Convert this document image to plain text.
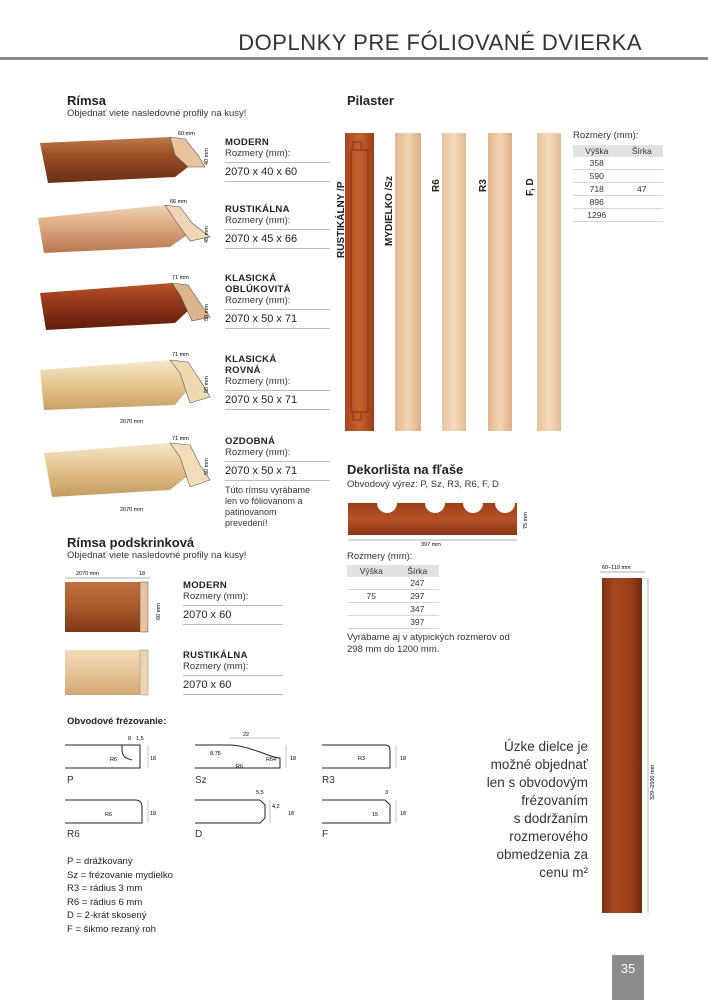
DOPLNKY PRE FÓLIOVANÉ DVIERKA
Rímsa
Objednať viete nasledovné profily na kusy!
60 mm
40 mm
66 mm
45 mm
71 mm
50 mm
71 mm
50 mm
2070 mm
71 mm
50 mm
2070 mm
MODERN
Rozmery (mm):
2070 x 40 x 60
RUSTIKÁLNA
Rozmery (mm):
2070 x 45 x 66
KLASICKÁ OBLÚKOVITÁ
Rozmery (mm):
2070 x 50 x 71
KLASICKÁ ROVNÁ
Rozmery (mm):
2070 x 50 x 71
OZDOBNÁ
Rozmery (mm):
2070 x 50 x 71
Túto rímsu vyrábame len vo fóliovanom a patinovanom prevedení!
Rímsa podskrinková
Objednať viete nasledovné profily na kusy!
2070 mm	18
60 mm
MODERN
Rozmery (mm):
2070 x 60
RUSTIKÁLNA
Rozmery (mm):
2070 x 60
Pilaster
RUSTIKÁLNY /P	MYDIELKO /Sz	R6	R3	F, D
Rozmery (mm):
Výška	Šírka
358	
590	
718	47
896	
1296	
Dekorlišta na fľaše
Obvodový výrez: P, Sz, R3, R6, F, D
397 mm
75 mm
Rozmery (mm):
Výška	Šírka
	247
75	297
	347
	397
Vyrábame aj v atypických rozmerov od 298 mm do 1200 mm.
Obvodové frézovanie:
8 1,5
R6	18
22
8,75
R6
R64	18	R3	18
R6	18
5,5
4,2
18
3
15	18
P	Sz	R3
R6	D	F
P = drážkovaný
Sz = frézovanie mydielko
R3 = rádius 3 mm
R6 = rádius 6 mm
D = 2-krát skosený
F = šikmo rezaný roh
60–119 mm
329–2500 mm
Úzke dielce je
možné objednať
len s obvodovým
frézovaním
s dodržaním
rozmerového
obmedzenia za
cenu m²
35
